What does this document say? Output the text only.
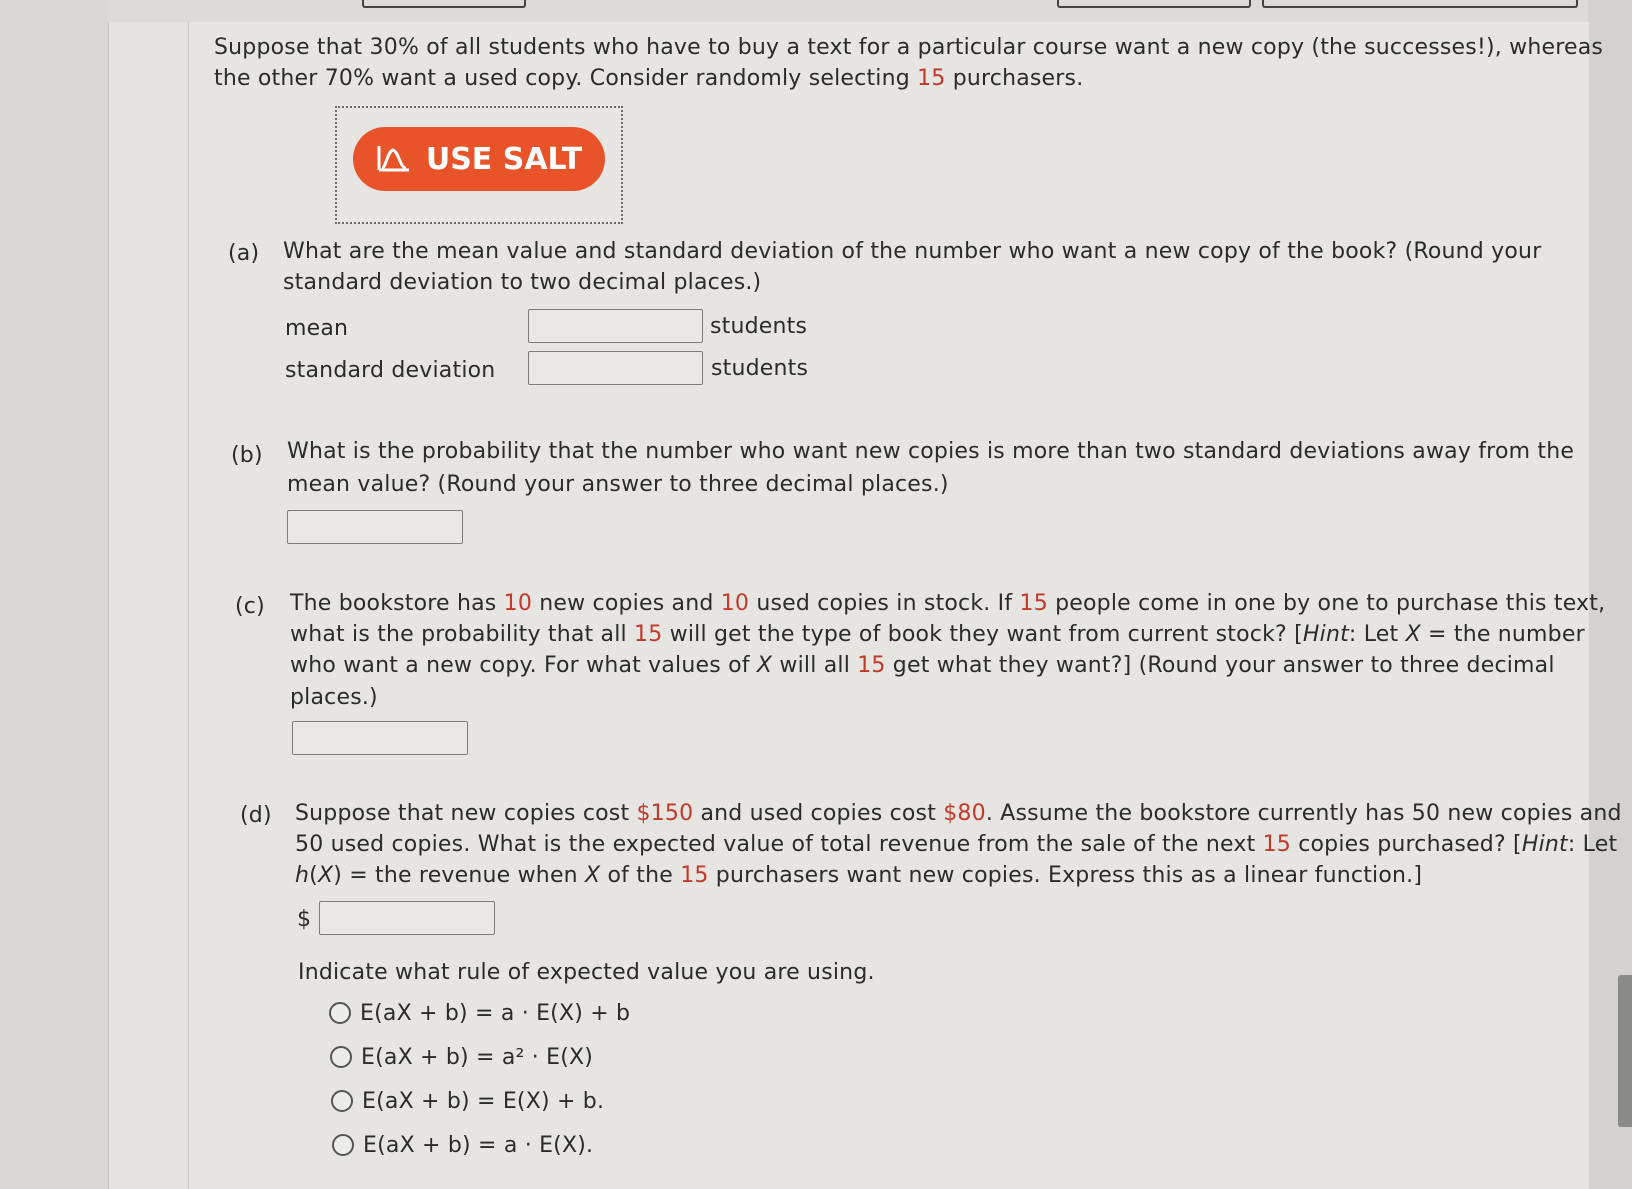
Suppose that 30% of all students who have to buy a text for a particular course want a new copy (the successes!), whereas
the other 70% want a used copy. Consider randomly selecting 15 purchasers.
USE SALT
(a) What are the mean value and standard deviation of the number who want a new copy of the book? (Round your
standard deviation to two decimal places.)
mean	students
standard deviation	students
(b) What is the probability that the number who want new copies is more than two standard deviations away from the
mean value? (Round your answer to three decimal places.)
(c) The bookstore has 10 new copies and 10 used copies in stock. If 15 people come in one by one to purchase this text,
what is the probability that all 15 will get the type of book they want from current stock? [Hint: Let X = the number
who want a new copy. For what values of X will all 15 get what they want?] (Round your answer to three decimal
places.)
(d) Suppose that new copies cost $150 and used copies cost $80. Assume the bookstore currently has 50 new copies and
50 used copies. What is the expected value of total revenue from the sale of the next 15 copies purchased? [Hint: Let
h(X) = the revenue when X of the 15 purchasers want new copies. Express this as a linear function.]
$
Indicate what rule of expected value you are using.
E(aX + b) = a · E(X) + b
E(aX + b) = a² · E(X)
E(aX + b) = E(X) + b.
E(aX + b) = a · E(X).
